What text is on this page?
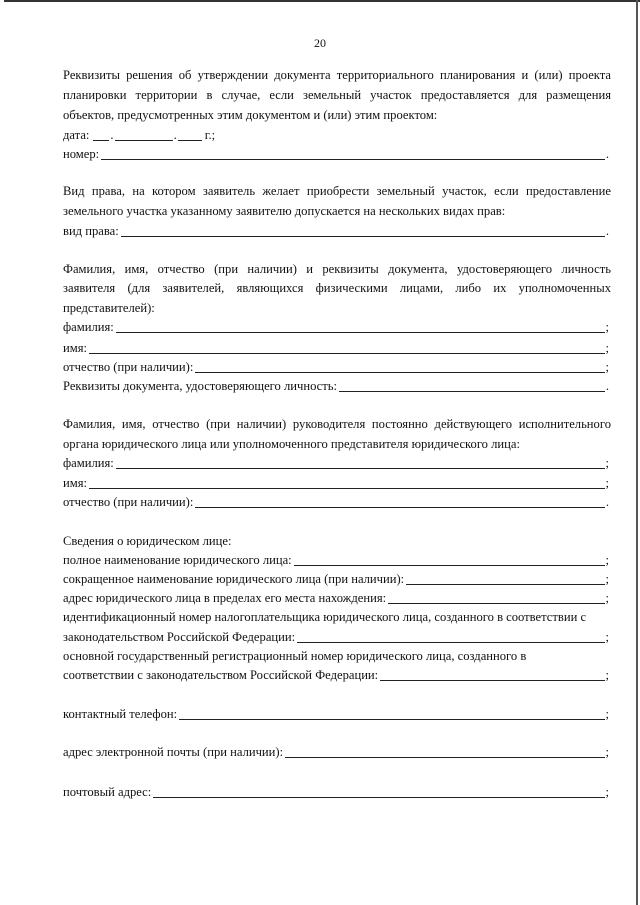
20
Реквизиты решения об утверждении документа территориального планирования и (или) проекта
планировки территории в случае, если земельный участок предоставляется для размещения
объектов, предусмотренных этим документом и (или) этим проектом:
дата: .	. г.;
номер:	.
Вид права, на котором заявитель желает приобрести земельный участок, если предоставление
земельного участка указанному заявителю допускается на нескольких видах прав:
вид права:	.
Фамилия, имя, отчество (при наличии) и реквизиты документа, удостоверяющего личность
заявителя (для заявителей, являющихся физическими лицами, либо их уполномоченных
представителей):
фамилия:	;
имя:	;
отчество (при наличии):	;
Реквизиты документа, удостоверяющего личность:	.
Фамилия, имя, отчество (при наличии) руководителя постоянно действующего исполнительного
органа юридического лица или уполномоченного представителя юридического лица:
фамилия:	;
имя:	;
отчество (при наличии):	.
Сведения о юридическом лице:
полное наименование юридического лица:	;
сокращенное наименование юридического лица (при наличии):	;
адрес юридического лица в пределах его места нахождения:	;
идентификационный номер налогоплательщика юридического лица, созданного в соответствии с
законодательством Российской Федерации:	;
основной государственный регистрационный номер юридического лица, созданного в
соответствии с законодательством Российской Федерации:	;
контактный телефон:	;
адрес электронной почты (при наличии):	;
почтовый адрес:	;
